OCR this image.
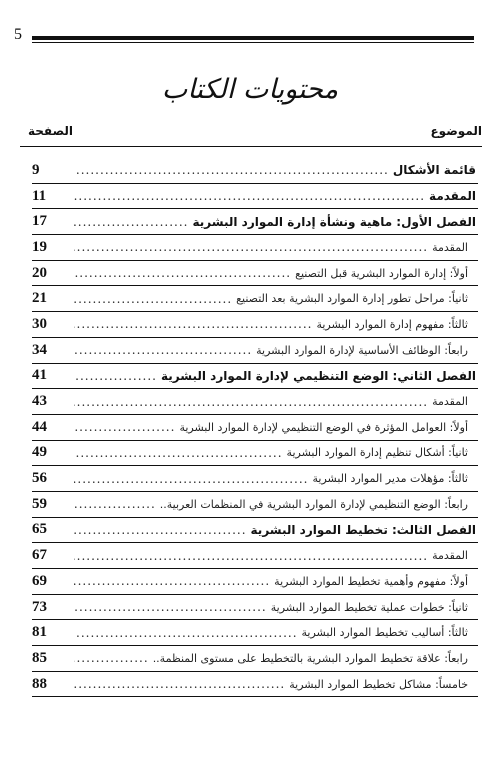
5
محتويات الكتاب
الموضوع
الصفحة
قائمة الأشكال
.....
9
المقدمة
.....
11
الفصل الأول: ماهية ونشأة إدارة الموارد البشرية
.....
17
المقدمة
.....
19
أولاً: إدارة الموارد البشرية قبل التصنيع
.....
20
ثانياً: مراحل تطور إدارة الموارد البشرية بعد التصنيع
.....
21
ثالثاً: مفهوم إدارة الموارد البشرية
.....
30
رابعاً: الوظائف الأساسية لإدارة الموارد البشرية
.....
34
الفصل الثاني: الوضع التنظيمي لإدارة الموارد البشرية
.....
41
المقدمة
.....
43
أولاً: العوامل المؤثرة في الوضع التنظيمي لإدارة الموارد البشرية
.....
44
ثانياً: أشكال تنظيم إدارة الموارد البشرية
.....
49
ثالثاً: مؤهلات مدير الموارد البشرية
.....
56
رابعاً: الوضع التنظيمي لإدارة الموارد البشرية في المنظمات العربية..
.....
59
الفصل الثالث: تخطيط الموارد البشرية
.....
65
المقدمة
.....
67
أولاً: مفهوم وأهمية تخطيط الموارد البشرية
.....
69
ثانياً: خطوات عملية تخطيط الموارد البشرية
.....
73
ثالثاً: أساليب تخطيط الموارد البشرية
.....
81
رابعاً: علاقة تخطيط الموارد البشرية بالتخطيط على مستوى المنظمة..
.....
85
خامساً: مشاكل تخطيط الموارد البشرية
.....
88
